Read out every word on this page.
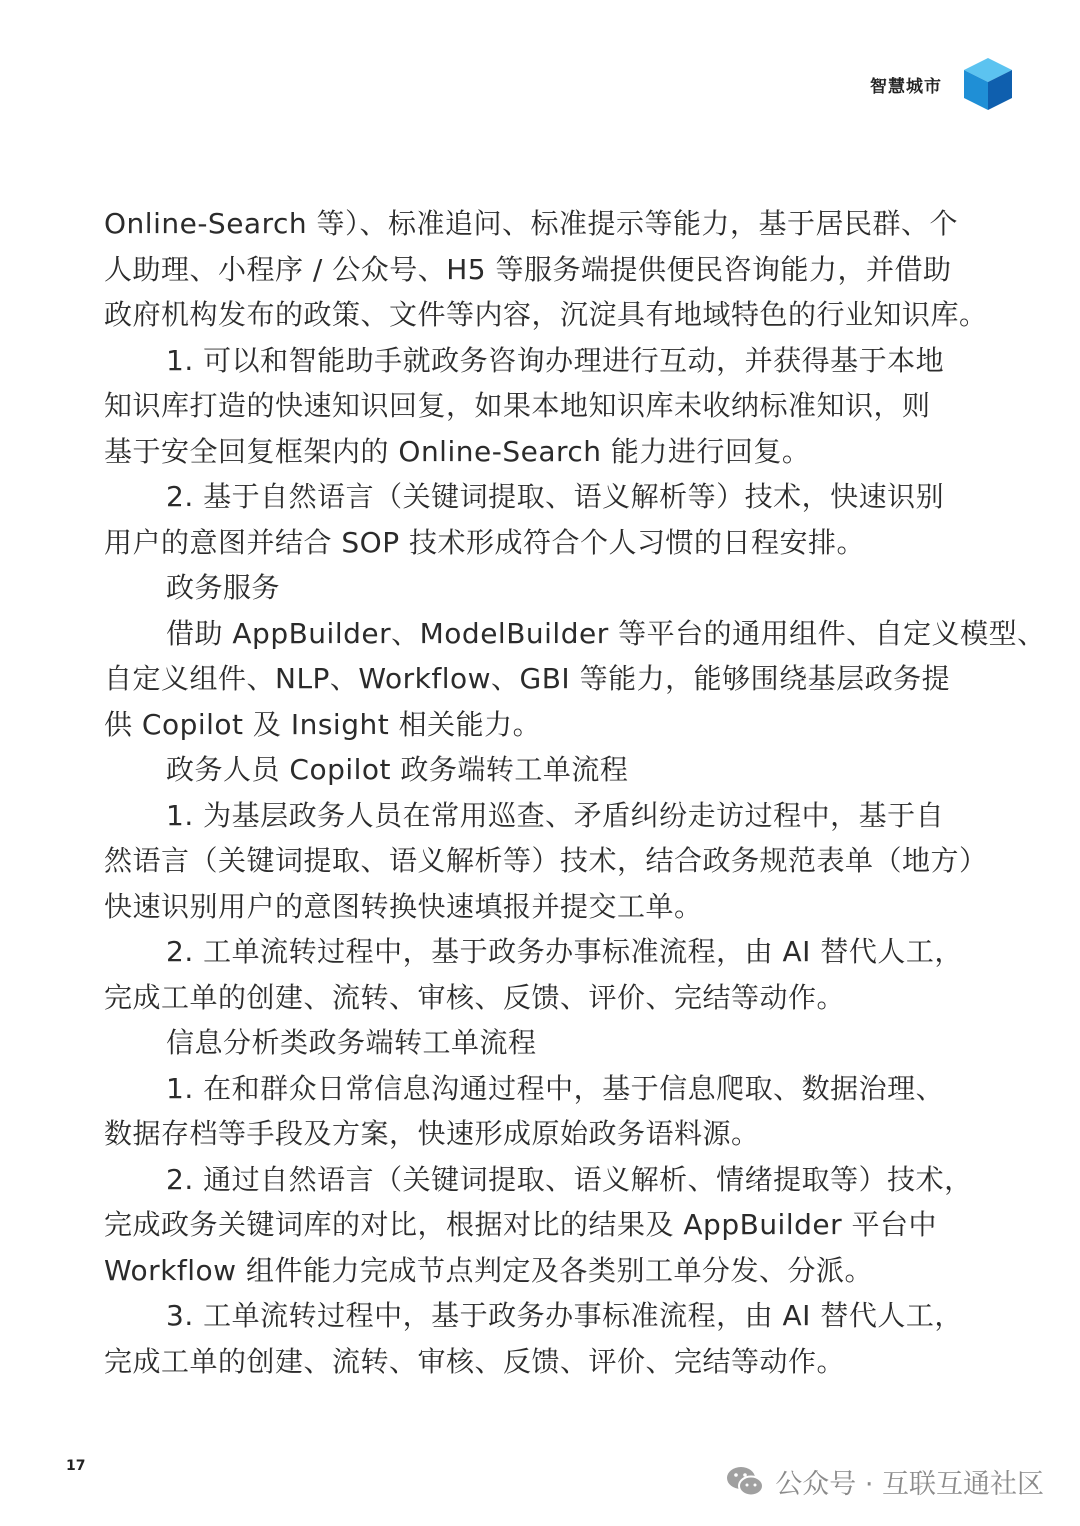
智慧城市
Online-Search 等）、标准追问、标准提示等能力，基于居民群、个
人助理、小程序 / 公众号、H5 等服务端提供便民咨询能力，并借助
政府机构发布的政策、文件等内容，沉淀具有地域特色的行业知识库。
1. 可以和智能助手就政务咨询办理进行互动，并获得基于本地
知识库打造的快速知识回复，如果本地知识库未收纳标准知识，则
基于安全回复框架内的 Online-Search 能力进行回复。
2. 基于自然语言（关键词提取、语义解析等）技术，快速识别
用户的意图并结合 SOP 技术形成符合个人习惯的日程安排。
政务服务
借助 AppBuilder、ModelBuilder 等平台的通用组件、自定义模型、
自定义组件、NLP、Workflow、GBI 等能力，能够围绕基层政务提
供 Copilot 及 Insight 相关能力。
政务人员 Copilot 政务端转工单流程
1. 为基层政务人员在常用巡查、矛盾纠纷走访过程中，基于自
然语言（关键词提取、语义解析等）技术，结合政务规范表单（地方）
快速识别用户的意图转换快速填报并提交工单。
2. 工单流转过程中，基于政务办事标准流程，由 AI 替代人工，
完成工单的创建、流转、审核、反馈、评价、完结等动作。
信息分析类政务端转工单流程
1. 在和群众日常信息沟通过程中，基于信息爬取、数据治理、
数据存档等手段及方案，快速形成原始政务语料源。
2. 通过自然语言（关键词提取、语义解析、情绪提取等）技术，
完成政务关键词库的对比，根据对比的结果及 AppBuilder 平台中
Workflow 组件能力完成节点判定及各类别工单分发、分派。
3. 工单流转过程中，基于政务办事标准流程，由 AI 替代人工，
完成工单的创建、流转、审核、反馈、评价、完结等动作。
17
公众号 · 互联互通社区
